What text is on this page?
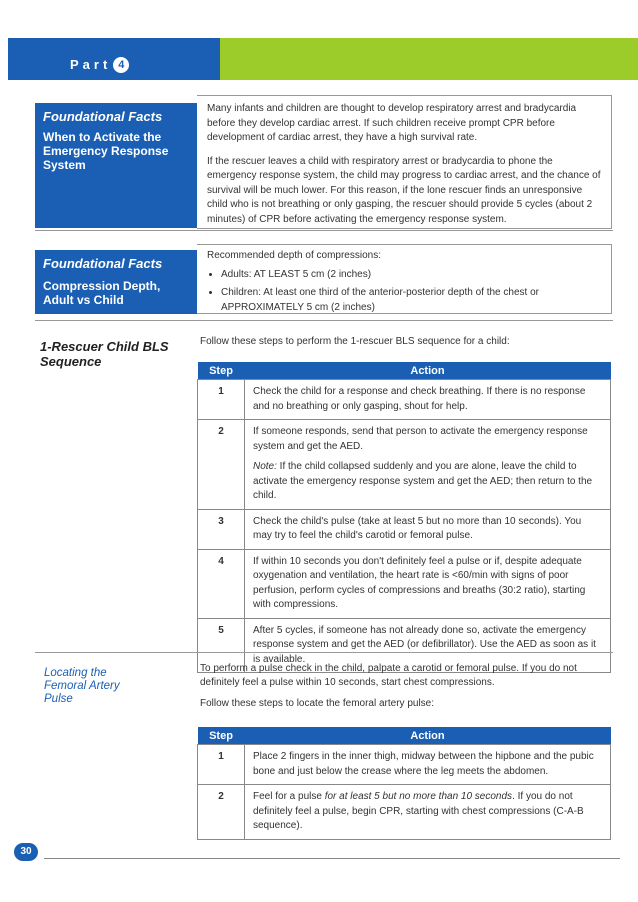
Part 4
Foundational Facts
When to Activate the Emergency Response System

Many infants and children are thought to develop respiratory arrest and bradycardia before they develop cardiac arrest. If such children receive prompt CPR before development of cardiac arrest, they have a high survival rate.

If the rescuer leaves a child with respiratory arrest or bradycardia to phone the emergency response system, the child may progress to cardiac arrest, and the chance of survival will be much lower. For this reason, if the lone rescuer finds an unresponsive child who is not breathing or only gasping, the rescuer should provide 5 cycles (about 2 minutes) of CPR before activating the emergency response system.

Foundational Facts
Compression Depth, Adult vs Child
Recommended depth of compressions:
• Adults: AT LEAST 5 cm (2 inches)
• Children: At least one third of the anterior-posterior depth of the chest or APPROXIMATELY 5 cm (2 inches)
1-Rescuer Child BLS Sequence
Follow these steps to perform the 1-rescuer BLS sequence for a child:
Step	Action
1	Check the child for a response and check breathing. If there is no response and no breathing or only gasping, shout for help.
2	If someone responds, send that person to activate the emergency response system and get the AED.

Note: If the child collapsed suddenly and you are alone, leave the child to activate the emergency response system and get the AED; then return to the child.

3	Check the child's pulse (take at least 5 but no more than 10 seconds). You may try to feel the child's carotid or femoral pulse.
4	If within 10 seconds you don't definitely feel a pulse or if, despite adequate oxygenation and ventilation, the heart rate is <60/min with signs of poor perfusion, perform cycles of compressions and breaths (30:2 ratio), starting with compressions.
5	After 5 cycles, if someone has not already done so, activate the emergency response system and get the AED (or defibrillator). Use the AED as soon as it is available.
Locating the Femoral Artery Pulse
To perform a pulse check in the child, palpate a carotid or femoral pulse. If you do not definitely feel a pulse within 10 seconds, start chest compressions.
Follow these steps to locate the femoral artery pulse:
Step	Action
1	Place 2 fingers in the inner thigh, midway between the hipbone and the pubic bone and just below the crease where the leg meets the abdomen.
2	Feel for a pulse for at least 5 but no more than 10 seconds. If you do not definitely feel a pulse, begin CPR, starting with chest compressions (C-A-B sequence).
30
